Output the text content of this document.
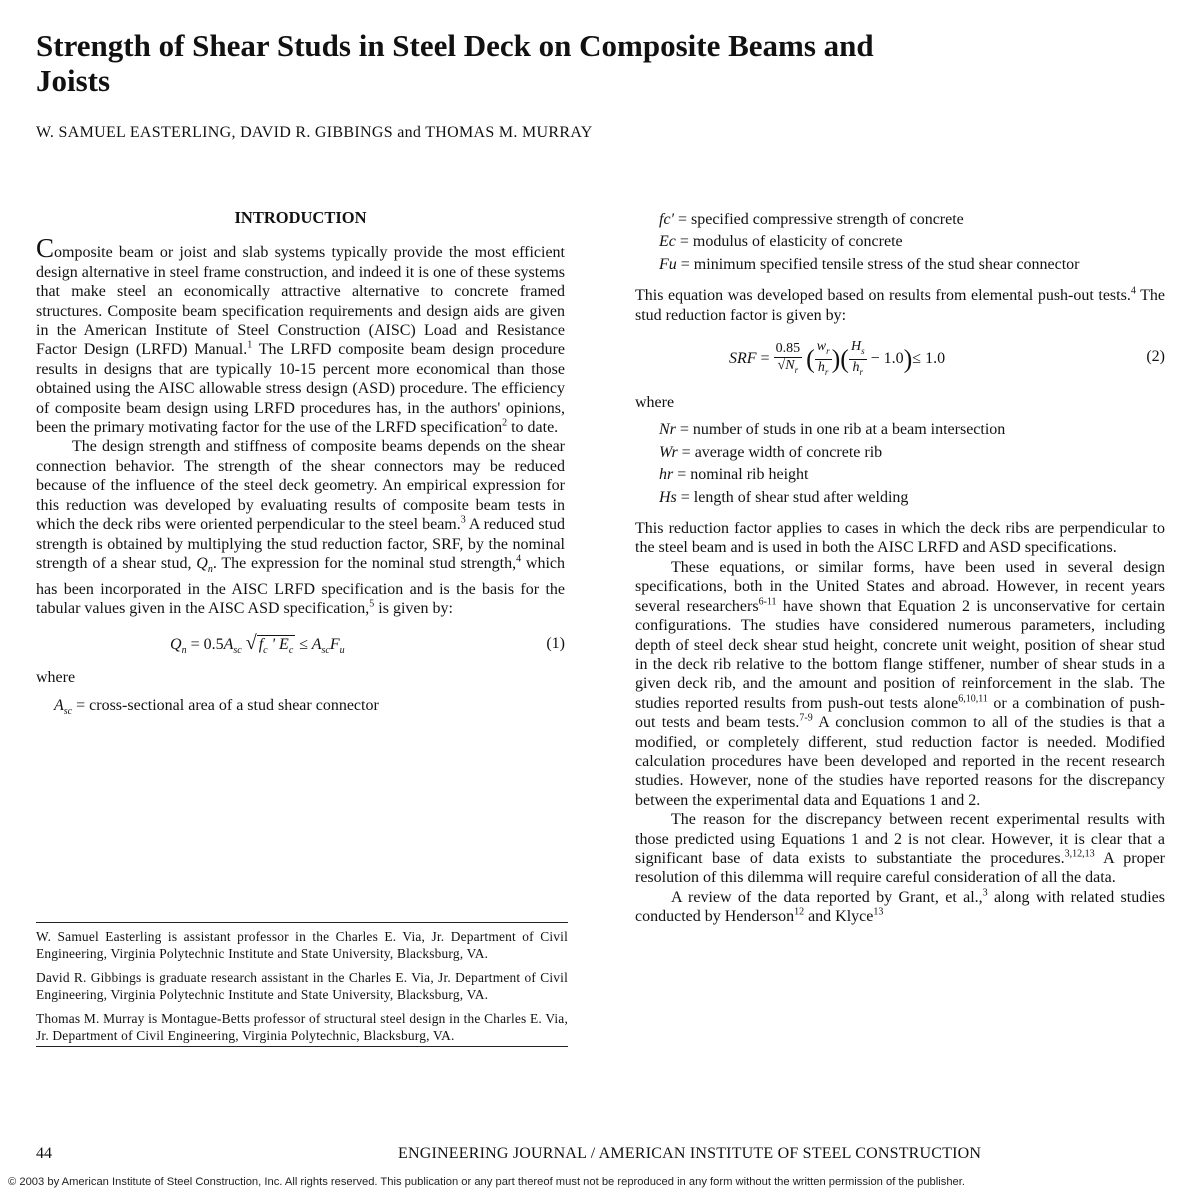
Strength of Shear Studs in Steel Deck on Composite Beams and Joists
W. SAMUEL EASTERLING, DAVID R. GIBBINGS and THOMAS M. MURRAY
INTRODUCTION

Composite beam or joist and slab systems typically provide the most efficient design alternative in steel frame construction, and indeed it is one of these systems that make steel an economically attractive alternative to concrete framed structures. Composite beam specification requirements and design aids are given in the American Institute of Steel Construction (AISC) Load and Resistance Factor Design (LRFD) Manual.$^1$ The LRFD composite beam design procedure results in designs that are typically 10-15 percent more economical than those obtained using the AISC allowable stress design (ASD) procedure. The efficiency of composite beam design using LRFD procedures has, in the authors' opinions, been the primary motivating factor for the use of the LRFD specification$^2$ to date.

The design strength and stiffness of composite beams depends on the shear connection behavior. The strength of the shear connectors may be reduced because of the influence of the steel deck geometry. An empirical expression for this reduction was developed by evaluating results of composite beam tests in which the deck ribs were oriented perpendicular to the steel beam.$^3$ A reduced stud strength is obtained by multiplying the stud reduction factor, SRF, by the nominal strength of a shear stud, $Q_n$. The expression for the nominal stud strength,$^4$ which has been incorporated in the AISC LRFD specification and is the basis for the tabular values given in the AISC ASD specification,$^5$ is given by:

$Q_n = 0.5A_{sc}$ √ $f_c$ ' $E_c \le A_{sc}F_u$	(1)
where
$A_{sc}$ = cross-sectional area of a stud shear connector
fc' = specified compressive strength of concrete
Ec = modulus of elasticity of concrete
Fu = minimum specified tensile stress of the stud shear connector

This equation was developed based on results from elemental push-out tests.$^4$ The stud reduction factor is given by:

SRF = $\frac{0.85}{√N_r}$ ( $\frac{w_r}{h_r}$ )( $\frac{H_s}{h_r} - 1.0)\le 1.0$	(2)
where
Nr = number of studs in one rib at a beam intersection
Wr = average width of concrete rib
hr = nominal rib height
Hs = length of shear stud after welding

This reduction factor applies to cases in which the deck ribs are perpendicular to the steel beam and is used in both the AISC LRFD and ASD specifications.

These equations, or similar forms, have been used in several design specifications, both in the United States and abroad. However, in recent years several researchers$^{6-11}$ have shown that Equation 2 is unconservative for certain configurations. The studies have considered numerous parameters, including depth of steel deck shear stud height, concrete unit weight, position of shear stud in the deck rib relative to the bottom flange stiffener, number of shear studs in a given deck rib, and the amount and position of reinforcement in the slab. The studies reported results from push-out tests alone$^{6,10,11}$ or a combination of push-out tests and beam tests.$^{7-9}$ A conclusion common to all of the studies is that a modified, or completely different, stud reduction factor is needed. Modified calculation procedures have been developed and reported in the recent research studies. However, none of the studies have reported reasons for the discrepancy between the experimental data and Equations 1 and 2.

The reason for the discrepancy between recent experimental results with those predicted using Equations 1 and 2 is not clear. However, it is clear that a significant base of data exists to substantiate the procedures.$^{3,12,13}$ A proper resolution of this dilemma will require careful consideration of all the data.

A review of the data reported by Grant, et al.,$^3$ along with related studies conducted by Henderson$^{12}$ and Klyce$^{13}$

W. Samuel Easterling is assistant professor in the Charles E. Via, Jr. Department of Civil Engineering, Virginia Polytechnic Institute and State University, Blacksburg, VA.

David R. Gibbings is graduate research assistant in the Charles E. Via, Jr. Department of Civil Engineering, Virginia Polytechnic Institute and State University, Blacksburg, VA.

Thomas M. Murray is Montague-Betts professor of structural steel design in the Charles E. Via, Jr. Department of Civil Engineering, Virginia Polytechnic, Blacksburg, VA.

44	ENGINEERING JOURNAL / AMERICAN INSTITUTE OF STEEL CONSTRUCTION
© 2003 by American Institute of Steel Construction, Inc. All rights reserved. This publication or any part thereof must not be reproduced in any form without the written permission of the publisher.
